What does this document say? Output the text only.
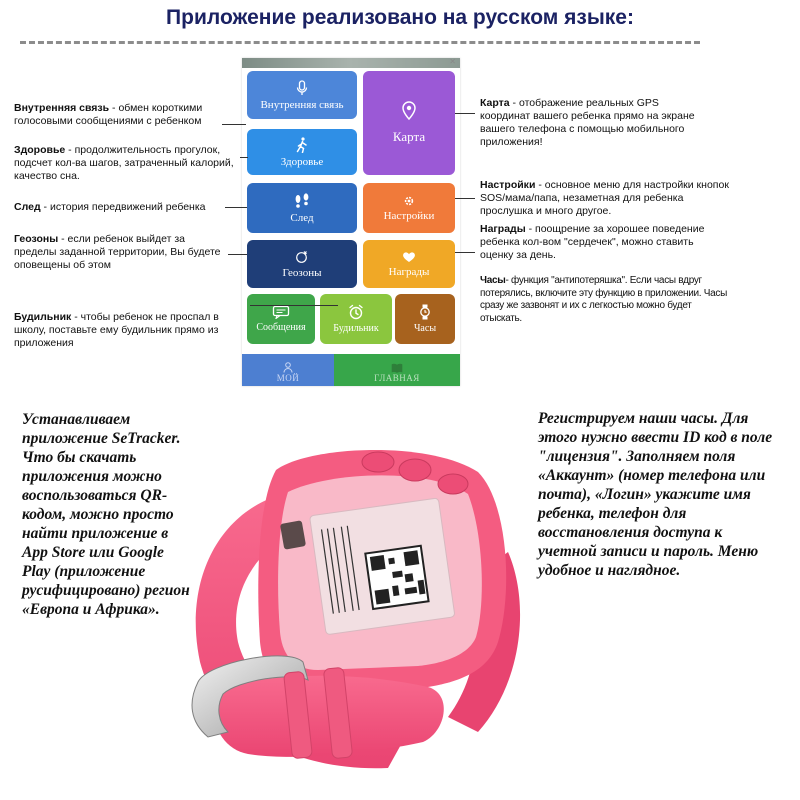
Приложение реализовано на русском языке:
✕
Внутренняя связь
Карта
Здоровье
След	Настройки
Геозоны	Награды
Сообщения	Будильник	Часы
МОЙ	ГЛАВНАЯ
Внутренняя связь - обмен короткими голосовыми сообщениями с ребенком
Здоровье - продолжительность прогулок, подсчет кол-ва шагов, затраченный калорий, качество сна.
След - история передвижений ребенка
Геозоны - если ребенок выйдет за пределы заданной территории, Вы будете оповещены об этом
Будильник - чтобы ребенок не проспал в школу, поставьте ему будильник прямо из приложения
Карта - отображение реальных GPS координат вашего ребенка прямо на экране вашего телефона с помощью мобильного приложения!
Настройки - основное меню для настройки кнопок SOS/мама/папа, незаметная для ребенка прослушка и много другое.
Награды - поощрение за хорошее поведение ребенка кол-вом "сердечек", можно ставить оценку за день.
Часы- функция "антипотеряшка". Если часы вдруг потерялись, включите эту функцию в приложении. Часы сразу же зазвонят и их с легкостью можно будет отыскать.
Устанавливаем приложение SeTracker. Что бы скачать приложения можно воспользоваться QR-кодом, можно просто найти приложение в App Store или Google Play (приложение русифицировано) регион «Европа и Африка».
Регистрируем наши часы. Для этого нужно ввести ID код в поле "лицензия". Заполняем поля «Аккаунт» (номер телефона или почта), «Логин» укажите имя ребенка, телефон для восстановления доступа к учетной записи и пароль. Меню удобное и наглядное.
